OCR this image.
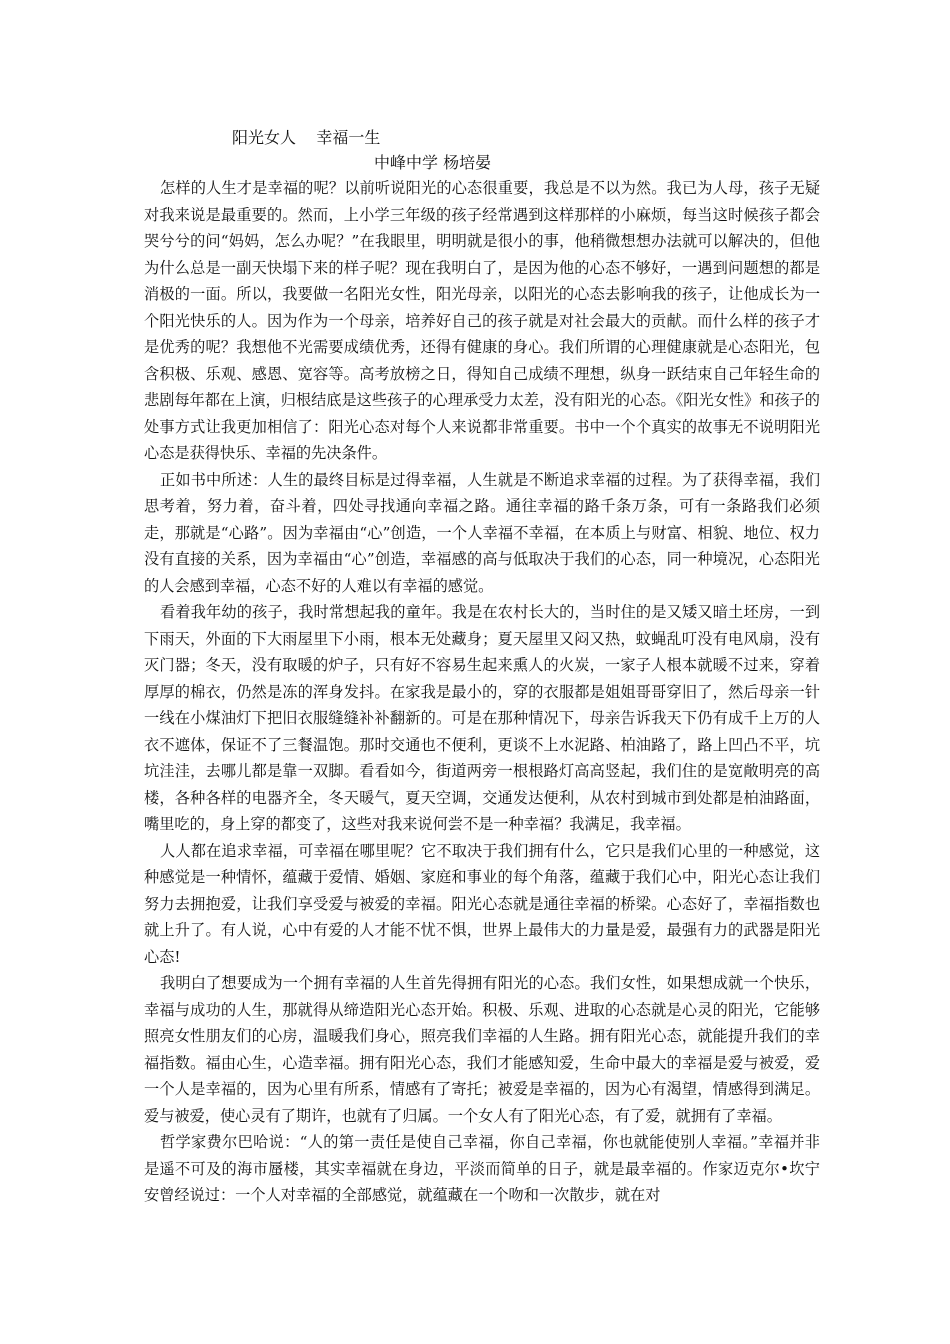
阳光女人    幸福一生
中峰中学 杨培晏

怎样的人生才是幸福的呢？以前听说阳光的心态很重要，我总是不以为然。我已为人母，孩子无疑对我来说是最重要的。然而，上小学三年级的孩子经常遇到这样那样的小麻烦，每当这时候孩子都会哭兮兮的问“妈妈，怎么办呢？”在我眼里，明明就是很小的事，他稍微想想办法就可以解决的，但他为什么总是一副天快塌下来的样子呢？现在我明白了，是因为他的心态不够好，一遇到问题想的都是消极的一面。所以，我要做一名阳光女性，阳光母亲，以阳光的心态去影响我的孩子，让他成长为一个阳光快乐的人。因为作为一个母亲，培养好自己的孩子就是对社会最大的贡献。而什么样的孩子才是优秀的呢？我想他不光需要成绩优秀，还得有健康的身心。我们所谓的心理健康就是心态阳光，包含积极、乐观、感恩、宽容等。高考放榜之日，得知自己成绩不理想，纵身一跃结束自己年轻生命的悲剧每年都在上演，归根结底是这些孩子的心理承受力太差，没有阳光的心态。《阳光女性》和孩子的处事方式让我更加相信了：阳光心态对每个人来说都非常重要。书中一个个真实的故事无不说明阳光心态是获得快乐、幸福的先决条件。

正如书中所述：人生的最终目标是过得幸福，人生就是不断追求幸福的过程。为了获得幸福，我们思考着，努力着，奋斗着，四处寻找通向幸福之路。通往幸福的路千条万条，可有一条路我们必须走，那就是“心路”。因为幸福由“心”创造，一个人幸福不幸福，在本质上与财富、相貌、地位、权力没有直接的关系，因为幸福由“心”创造，幸福感的高与低取决于我们的心态，同一种境况，心态阳光的人会感到幸福，心态不好的人难以有幸福的感觉。

看着我年幼的孩子，我时常想起我的童年。我是在农村长大的，当时住的是又矮又暗土坯房，一到下雨天，外面的下大雨屋里下小雨，根本无处藏身；夏天屋里又闷又热，蚊蝇乱叮没有电风扇，没有灭门器；冬天，没有取暖的炉子，只有好不容易生起来熏人的火炭，一家子人根本就暖不过来，穿着厚厚的棉衣，仍然是冻的浑身发抖。在家我是最小的，穿的衣服都是姐姐哥哥穿旧了，然后母亲一针一线在小煤油灯下把旧衣服缝缝补补翻新的。可是在那种情况下，母亲告诉我天下仍有成千上万的人衣不遮体，保证不了三餐温饱。那时交通也不便利，更谈不上水泥路、柏油路了，路上凹凸不平，坑坑洼洼，去哪儿都是靠一双脚。看看如今，街道两旁一根根路灯高高竖起，我们住的是宽敞明亮的高楼，各种各样的电器齐全，冬天暖气，夏天空调，交通发达便利，从农村到城市到处都是柏油路面，嘴里吃的，身上穿的都变了，这些对我来说何尝不是一种幸福？我满足，我幸福。

人人都在追求幸福，可幸福在哪里呢？它不取决于我们拥有什么，它只是我们心里的一种感觉，这种感觉是一种情怀，蕴藏于爱情、婚姻、家庭和事业的每个角落，蕴藏于我们心中，阳光心态让我们努力去拥抱爱，让我们享受爱与被爱的幸福。阳光心态就是通往幸福的桥梁。心态好了，幸福指数也就上升了。有人说，心中有爱的人才能不忧不惧，世界上最伟大的力量是爱，最强有力的武器是阳光心态!

我明白了想要成为一个拥有幸福的人生首先得拥有阳光的心态。我们女性，如果想成就一个快乐，幸福与成功的人生，那就得从缔造阳光心态开始。积极、乐观、进取的心态就是心灵的阳光，它能够照亮女性朋友们的心房，温暖我们身心，照亮我们幸福的人生路。拥有阳光心态，就能提升我们的幸福指数。福由心生，心造幸福。拥有阳光心态，我们才能感知爱，生命中最大的幸福是爱与被爱，爱一个人是幸福的，因为心里有所系，情感有了寄托；被爱是幸福的，因为心有渴望，情感得到满足。爱与被爱，使心灵有了期许，也就有了归属。一个女人有了阳光心态，有了爱，就拥有了幸福。

哲学家费尔巴哈说：“人的第一责任是使自己幸福，你自己幸福，你也就能使别人幸福。”幸福并非是遥不可及的海市蜃楼，其实幸福就在身边，平淡而简单的日子，就是最幸福的。作家迈克尔•坎宁安曾经说过：一个人对幸福的全部感觉，就蕴藏在一个吻和一次散步，就在对
